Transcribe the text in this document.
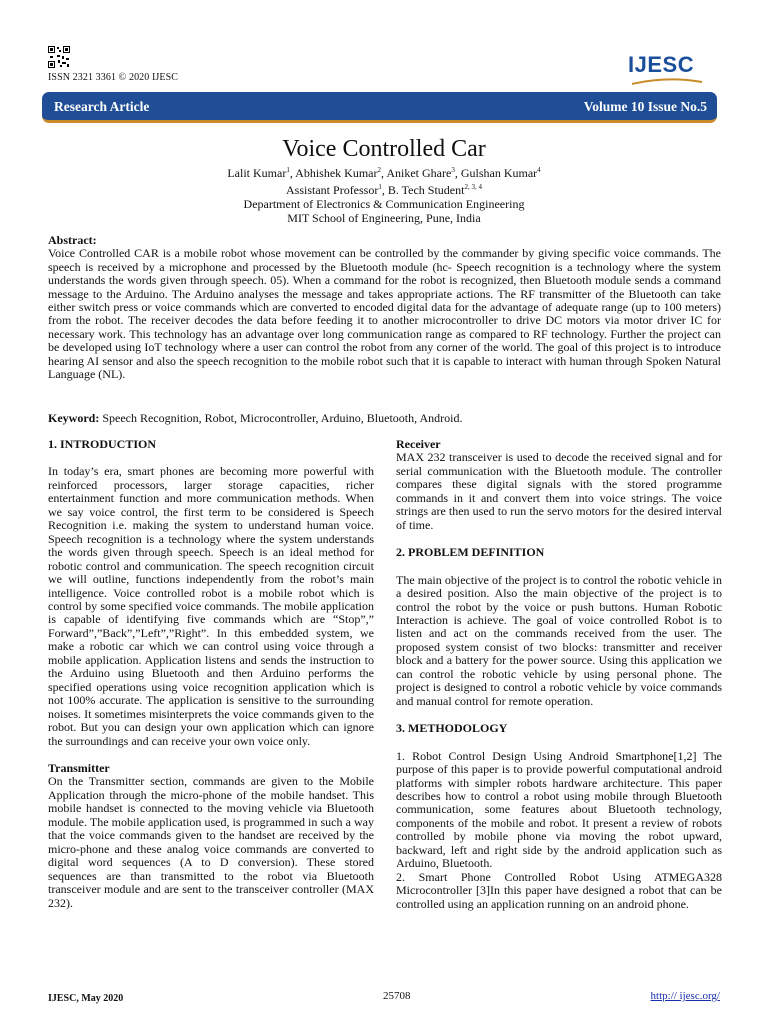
ISSN 2321 3361 © 2020 IJESC
IJESC
Research Article	Volume 10 Issue No.5
Voice Controlled Car
Lalit Kumar$^1$, Abhishek Kumar$^2$, Aniket Ghare$^3$, Gulshan Kumar$^4$
Assistant Professor$^1$, B. Tech Student$^{2, 3, 4}$
Department of Electronics & Communication Engineering
MIT School of Engineering, Pune, India
Abstract:

Voice Controlled CAR is a mobile robot whose movement can be controlled by the commander by giving specific voice commands. The speech is received by a microphone and processed by the Bluetooth module (hc- Speech recognition is a technology where the system understands the words given through speech. 05). When a command for the robot is recognized, then Bluetooth module sends a command message to the Arduino. The Arduino analyses the message and takes appropriate actions. The RF transmitter of the Bluetooth can take either switch press or voice commands which are converted to encoded digital data for the advantage of adequate range (up to 100 meters) from the robot. The receiver decodes the data before feeding it to another microcontroller to drive DC motors via motor driver IC for necessary work. This technology has an advantage over long communication range as compared to RF technology. Further the project can be developed using IoT technology where a user can control the robot from any corner of the world. The goal of this project is to introduce hearing AI sensor and also the speech recognition to the mobile robot such that it is capable to interact with human through Spoken Natural Language (NL).

Keyword: Speech Recognition, Robot, Microcontroller, Arduino, Bluetooth, Android.
1. INTRODUCTION

In today’s era, smart phones are becoming more powerful with reinforced processors, larger storage capacities, richer entertainment function and more communication methods. When we say voice control, the first term to be considered is Speech Recognition i.e. making the system to understand human voice. Speech recognition is a technology where the system understands the words given through speech. Speech is an ideal method for robotic control and communication. The speech recognition circuit we will outline, functions independently from the robot’s main intelligence. Voice controlled robot is a mobile robot which is control by some specified voice commands. The mobile application is capable of identifying five commands which are “Stop”,” Forward”,”Back”,”Left”,”Right”. In this embedded system, we make a robotic car which we can control using voice through a mobile application. Application listens and sends the instruction to the Arduino using Bluetooth and then Arduino performs the specified operations using voice recognition application which is not 100% accurate. The application is sensitive to the surrounding noises. It sometimes misinterprets the voice commands given to the robot. But you can design your own application which can ignore the surroundings and can receive your own voice only.

Transmitter

On the Transmitter section, commands are given to the Mobile Application through the micro-phone of the mobile handset. This mobile handset is connected to the moving vehicle via Bluetooth module. The mobile application used, is programmed in such a way that the voice commands given to the handset are received by the micro-phone and these analog voice commands are converted to digital word sequences (A to D conversion). These stored sequences are than transmitted to the robot via Bluetooth transceiver module and are sent to the transceiver controller (MAX 232).

Receiver

MAX 232 transceiver is used to decode the received signal and for serial communication with the Bluetooth module. The controller compares these digital signals with the stored programme commands in it and convert them into voice strings. The voice strings are then used to run the servo motors for the desired interval of time.

2. PROBLEM DEFINITION

The main objective of the project is to control the robotic vehicle in a desired position. Also the main objective of the project is to control the robot by the voice or push buttons. Human Robotic Interaction is achieve. The goal of voice controlled Robot is to listen and act on the commands received from the user. The proposed system consist of two blocks: transmitter and receiver block and a battery for the power source. Using this application we can control the robotic vehicle by using personal phone. The project is designed to control a robotic vehicle by voice commands and manual control for remote operation.

3. METHODOLOGY

1. Robot Control Design Using Android Smartphone[1,2] The purpose of this paper is to provide powerful computational android platforms with simpler robots hardware architecture. This paper describes how to control a robot using mobile through Bluetooth communication, some features about Bluetooth technology, components of the mobile and robot. It present a review of robots controlled by mobile phone via moving the robot upward, backward, left and right side by the android application such as Arduino, Bluetooth.

2. Smart Phone Controlled Robot Using ATMEGA328 Microcontroller [3]In this paper have designed a robot that can be controlled using an application running on an android phone.

IJESC, May 2020	25708	http:// ijesc.org/
